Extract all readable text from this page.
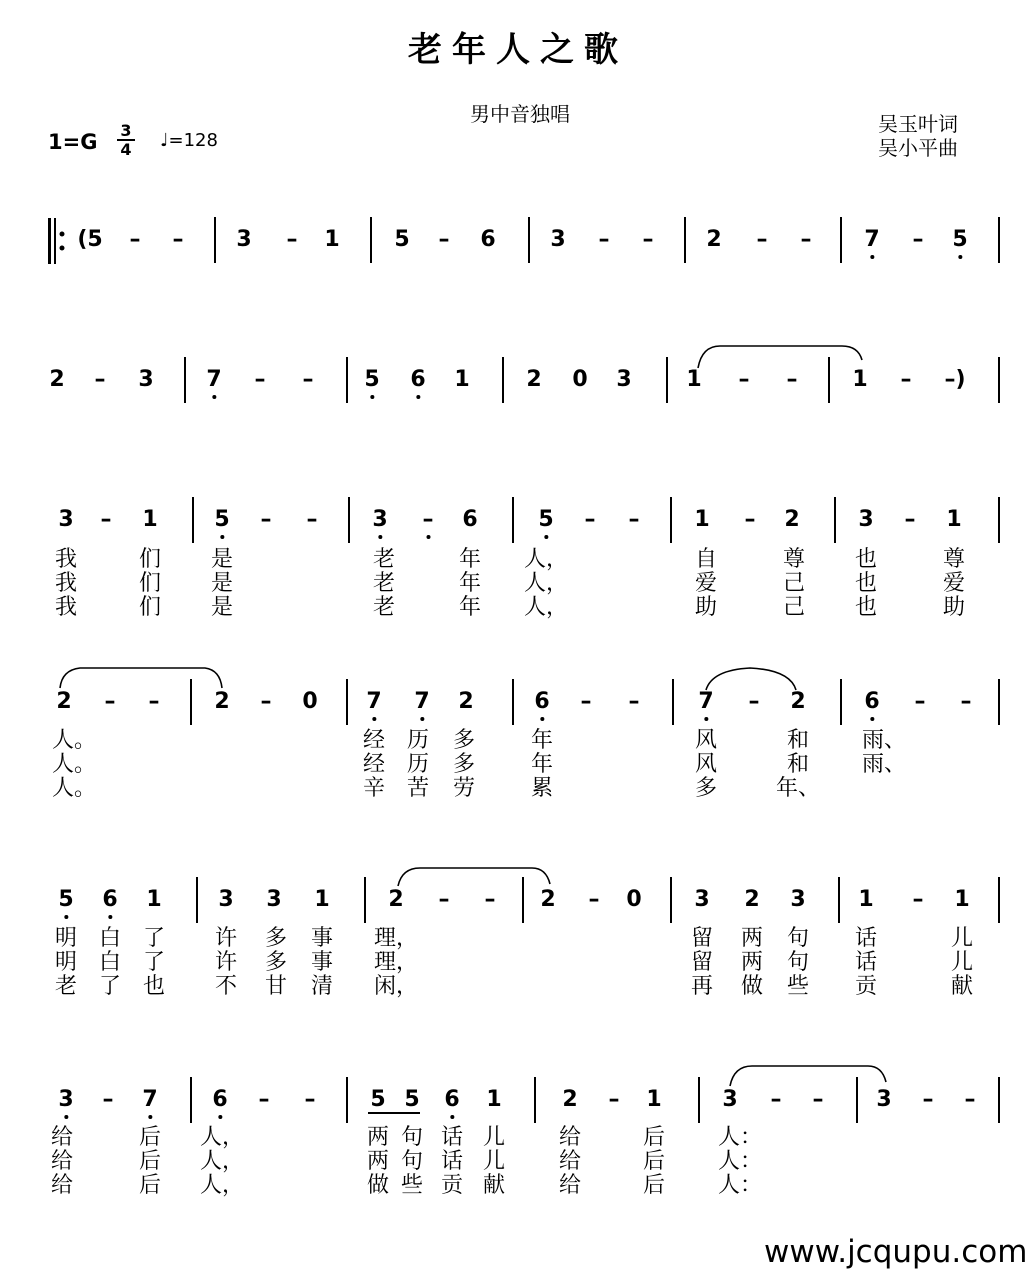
老年人之歌
男中音独唱	吴玉叶词
吴小平曲
$1=G \frac{3}{4}$ ♩=128
(5 – – 3 – 1 5 – 6 3 – – 2 – – 7 – 5
2 – 3 7 – – 5 6 1	2 0 3 1 – – 1 – –)
3 – 1	5 – – 3 – 6	5 – – 1 – 2	3 – 1
我	们 是	老	年 人，	自	尊 也	尊
我	们 是	老	年 人，	爱	己 也	爱
我	们 是	老	年 人，	助	己 也	助
2 – – 2 – 0 7 7 2	6 – –	7 – 2	6 – –
人。	经 历 多	年	风	和 雨、
人。	经 历 多	年	风	和 雨、
人。	辛 苦 劳	累	多	年、
5 6 1	3 3 1	2 – – 2 – 0 3 2 3 1 – 1
明 白 了 许 多 事 理，	留 两 句 话	儿
明 白 了 许 多 事 理，	留 两 句 话	儿
老 了 也 不 甘 清 闲，	再 做 些 贡	献
3 – 7 6 – – 5 5 6 1	2 – 1	3 – – 3 – –
给	后 人，	两 句 话 儿 给	后 人：
给	后 人，	两 句 话 儿 给	后 人：
给	后 人，	做 些 贡 献 给	后 人：
www.jcqupu.com
